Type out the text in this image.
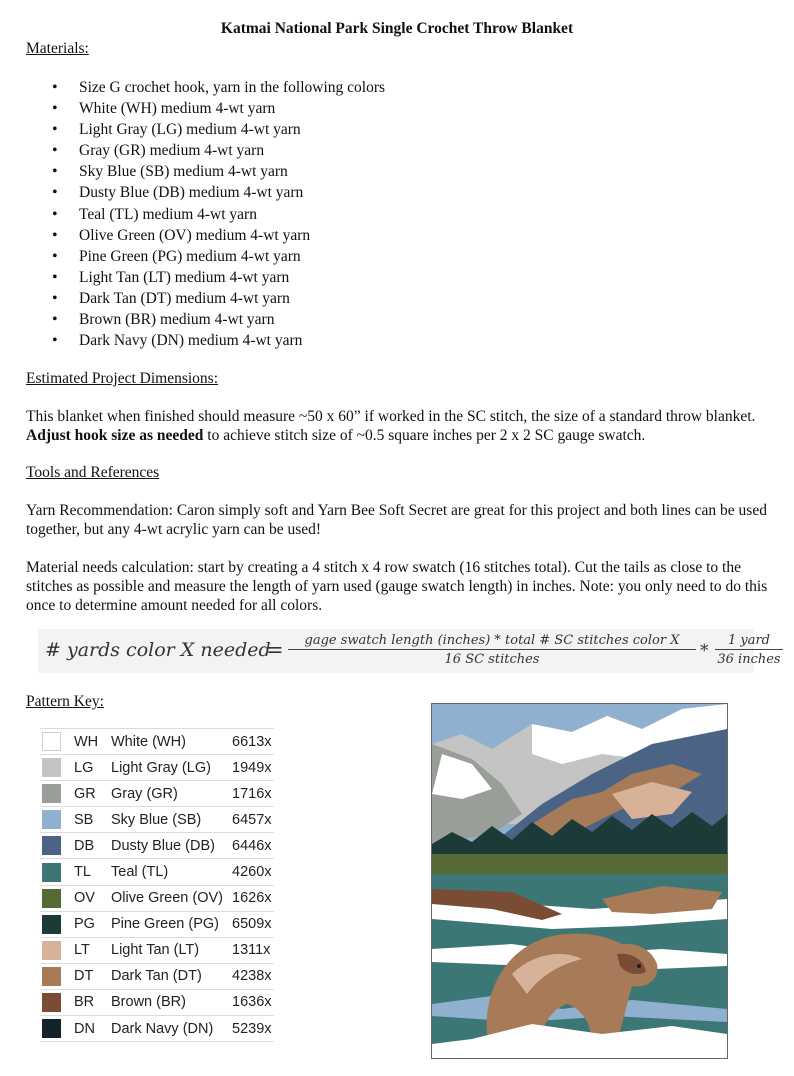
Katmai National Park Single Crochet Throw Blanket
Materials:
• Size G crochet hook, yarn in the following colors
• White (WH) medium 4-wt yarn
• Light Gray (LG) medium 4-wt yarn
• Gray (GR) medium 4-wt yarn
• Sky Blue (SB) medium 4-wt yarn
• Dusty Blue (DB) medium 4-wt yarn
• Teal (TL) medium 4-wt yarn
• Olive Green (OV) medium 4-wt yarn
• Pine Green (PG) medium 4-wt yarn
• Light Tan (LT) medium 4-wt yarn
• Dark Tan (DT) medium 4-wt yarn
• Brown (BR) medium 4-wt yarn
• Dark Navy (DN) medium 4-wt yarn
Estimated Project Dimensions:
This blanket when finished should measure ~50 x 60” if worked in the SC stitch, the size of a standard throw blanket. Adjust hook size as needed to achieve stitch size of ~0.5 square inches per 2 x 2 SC gauge swatch.
Tools and References
Yarn Recommendation: Caron simply soft and Yarn Bee Soft Secret are great for this project and both lines can be used together, but any 4-wt acrylic yarn can be used!
Material needs calculation: start by creating a 4 stitch x 4 row swatch (16 stitches total). Cut the tails as close to the stitches as possible and measure the length of yarn used (gauge swatch length) in inches. Note: you only need to do this once to determine amount needed for all colors.
# yards color X needed
=	gage swatch length (inches) * total # SC stitches color X
16 SC stitches	*
1 yard
36 inches
Pattern Key:
	WH	White (WH)	6613x

	LG	Light Gray (LG)	1949x

	GR	Gray (GR)	1716x

	SB	Sky Blue (SB)	6457x

	DB	Dusty Blue (DB)	6446x

	TL	Teal (TL)	4260x

	OV	Olive Green (OV)	1626x

	PG	Pine Green (PG)	6509x

	LT	Light Tan (LT)	1311x

	DT	Dark Tan (DT)	4238x

	BR	Brown (BR)	1636x

	DN	Dark Navy (DN)	5239x
